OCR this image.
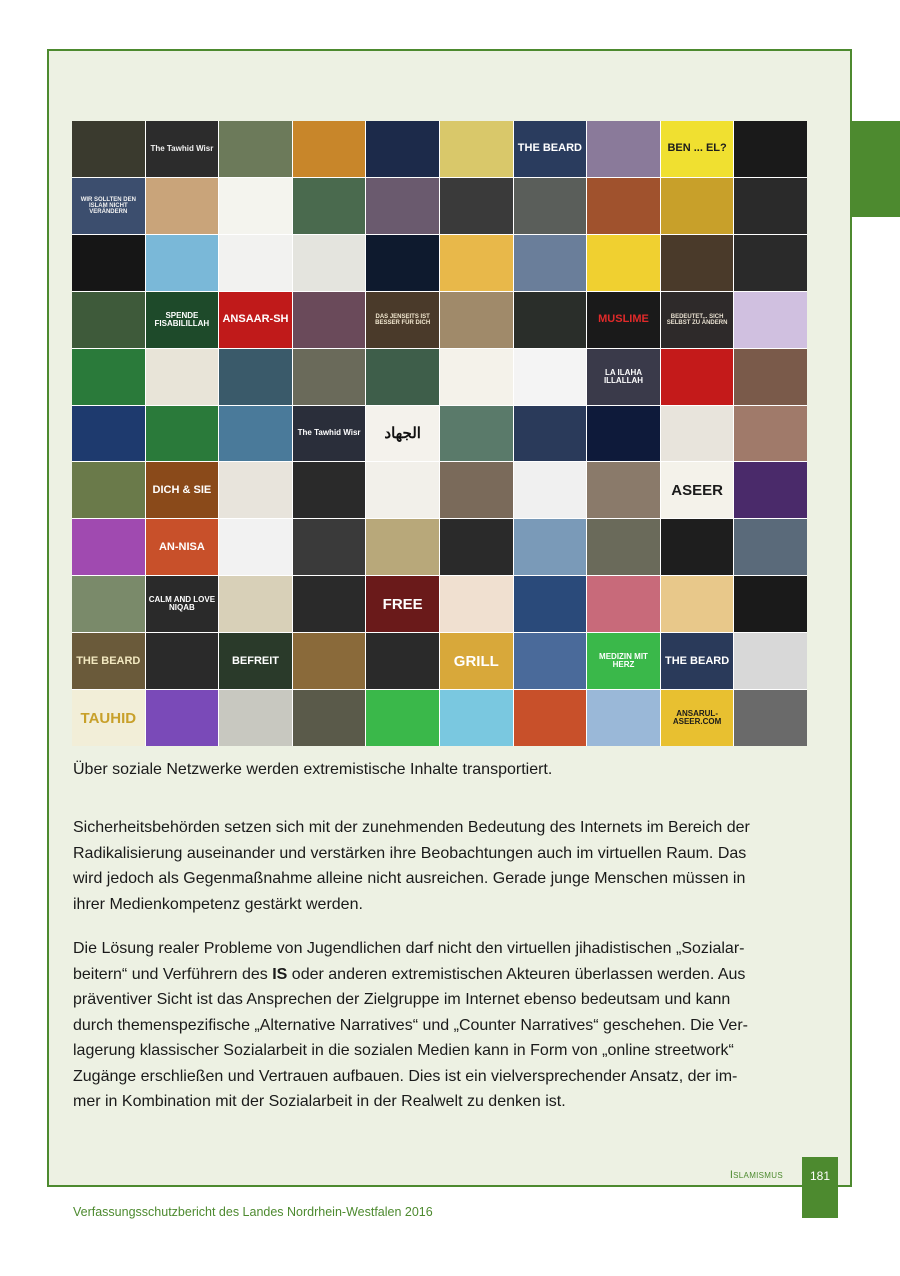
The Tawhid Wisr	THE BEARD	BEN ... EL?
WIR SOLLTEN DEN ISLAM NICHT VERÄNDERN
SPENDE FISABILILLAH	ANSAAR-SH	DAS JENSEITS IST BESSER FÜR DICH	MUSLIME	BEDEUTET... SICH SELBST ZU ÄNDERN
LA ILAHA ILLALLAH
The Tawhid Wisr الجهاد
DICH & SIE	ASEER
AN-NISA
CALM AND LOVE NIQAB	FREE
THE BEARD	BEFREIT	GRILL	MEDIZIN MIT HERZ	THE BEARD
TAUHID	ANSARUL-ASEER.COM
Über soziale Netzwerke werden extremistische Inhalte transportiert.

Sicherheitsbehörden setzen sich mit der zunehmenden Bedeutung des Internets im Bereich der
Radikalisierung auseinander und verstärken ihre Beobachtungen auch im virtuellen Raum. Das
wird jedoch als Gegenmaßnahme alleine nicht ausreichen. Gerade junge Menschen müssen in
ihrer Medienkompetenz gestärkt werden.

Die Lösung realer Probleme von Jugendlichen darf nicht den virtuellen jihadistischen „Sozialar-
beitern“ und Verführern des IS oder anderen extremistischen Akteuren überlassen werden. Aus
präventiver Sicht ist das Ansprechen der Zielgruppe im Internet ebenso bedeutsam und kann
durch themenspezifische „Alternative Narratives“ und „Counter Narratives“ geschehen. Die Ver-
lagerung klassischer Sozialarbeit in die sozialen Medien kann in Form von „online streetwork“
Zugänge erschließen und Vertrauen aufbauen. Dies ist ein vielversprechender Ansatz, der im-
mer in Kombination mit der Sozialarbeit in der Realwelt zu denken ist.

Islamismus	181
Verfassungsschutzbericht des Landes Nordrhein-Westfalen 2016
